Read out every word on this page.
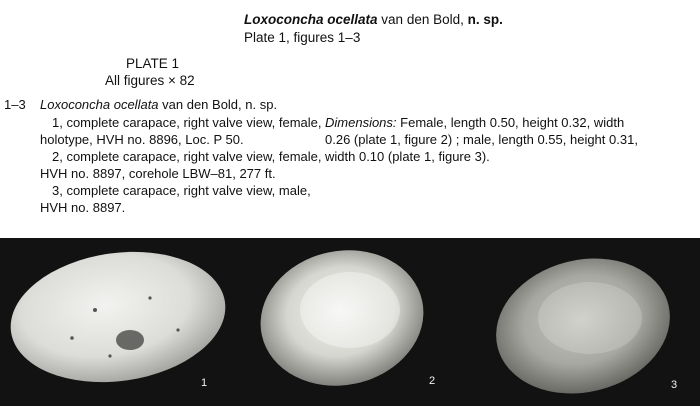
Loxoconcha ocellata van den Bold, n. sp.
Plate 1, figures 1–3
PLATE 1
All figures × 82
1–3 Loxoconcha ocellata van den Bold, n. sp.
1, complete carapace, right valve view, female,
holotype, HVH no. 8896, Loc. P 50.
2, complete carapace, right valve view, female,
HVH no. 8897, corehole LBW–81, 277 ft.
3, complete carapace, right valve view, male,
HVH no. 8897.
Dimensions: Female, length 0.50, height 0.32, width
0.26 (plate 1, figure 2) ; male, length 0.55, height 0.31,
width 0.10 (plate 1, figure 3).
1	2	3
